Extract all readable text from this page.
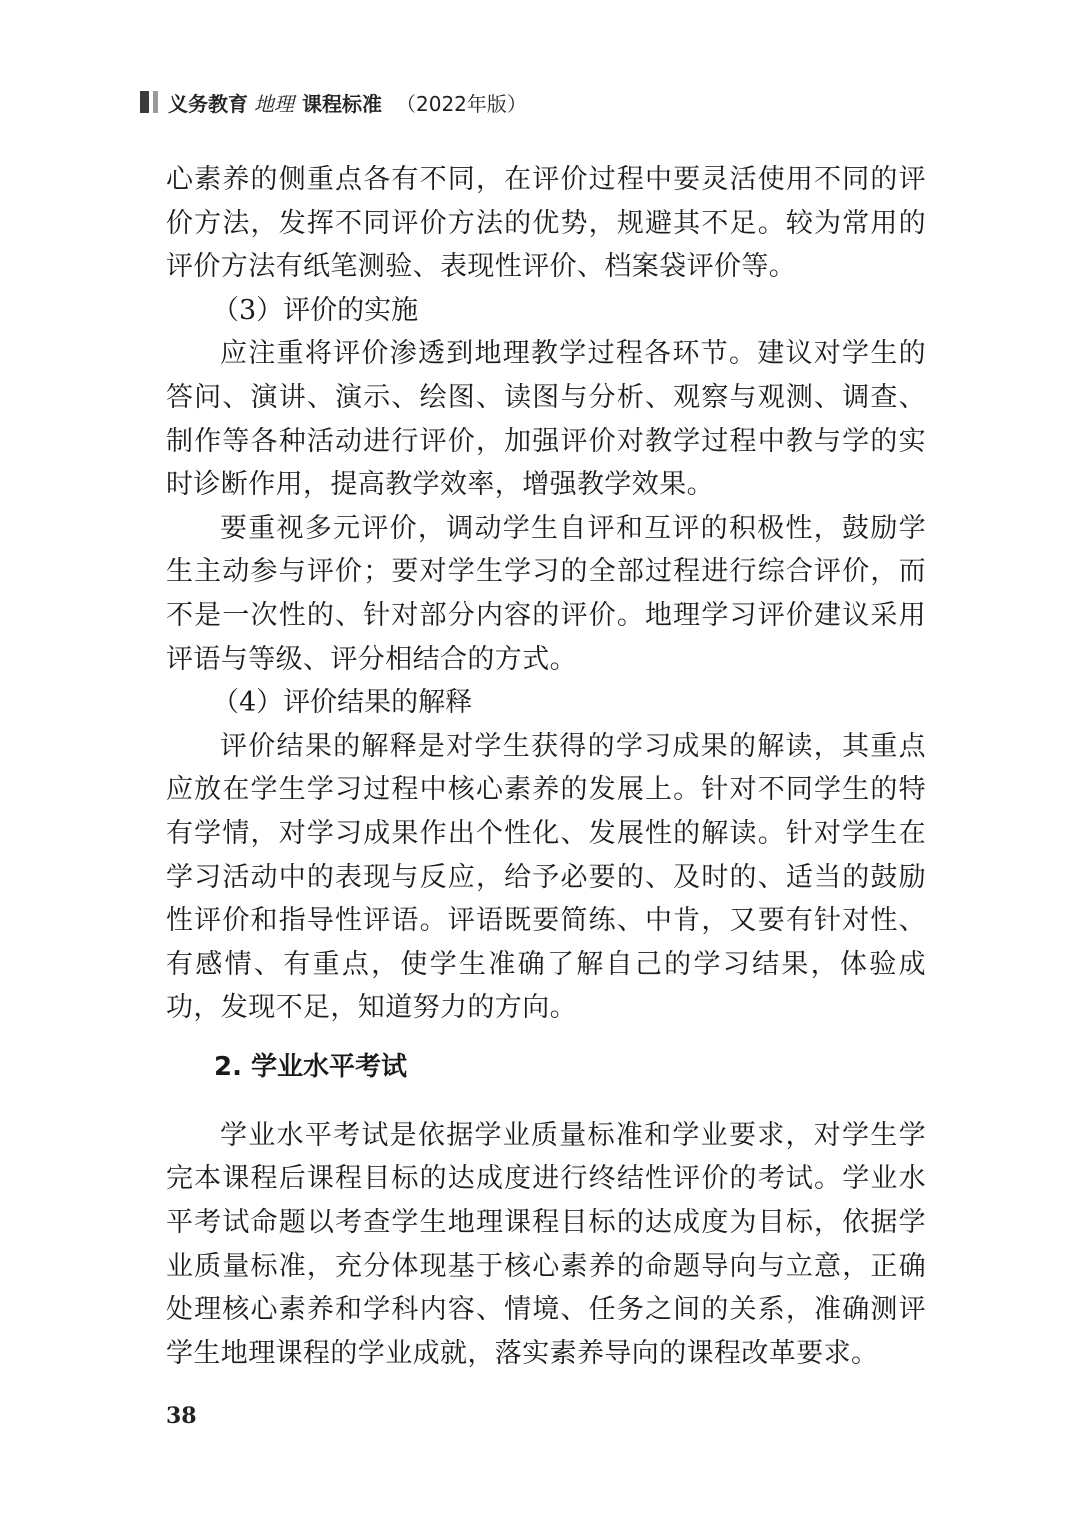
义务教育 地理 课程标准 （2022年版）

心素养的侧重点各有不同，在评价过程中要灵活使用不同的评价方法，发挥不同评价方法的优势，规避其不足。较为常用的评价方法有纸笔测验、表现性评价、档案袋评价等。

（3）评价的实施

应注重将评价渗透到地理教学过程各环节。建议对学生的答问、演讲、演示、绘图、读图与分析、观察与观测、调查、制作等各种活动进行评价，加强评价对教学过程中教与学的实时诊断作用，提高教学效率，增强教学效果。

要重视多元评价，调动学生自评和互评的积极性，鼓励学生主动参与评价；要对学生学习的全部过程进行综合评价，而不是一次性的、针对部分内容的评价。地理学习评价建议采用评语与等级、评分相结合的方式。

（4）评价结果的解释

评价结果的解释是对学生获得的学习成果的解读，其重点应放在学生学习过程中核心素养的发展上。针对不同学生的特有学情，对学习成果作出个性化、发展性的解读。针对学生在学习活动中的表现与反应，给予必要的、及时的、适当的鼓励性评价和指导性评语。评语既要简练、中肯，又要有针对性、有感情、有重点，使学生准确了解自己的学习结果，体验成功，发现不足，知道努力的方向。

2. 学业水平考试

学业水平考试是依据学业质量标准和学业要求，对学生学完本课程后课程目标的达成度进行终结性评价的考试。学业水平考试命题以考查学生地理课程目标的达成度为目标，依据学业质量标准，充分体现基于核心素养的命题导向与立意，正确处理核心素养和学科内容、情境、任务之间的关系，准确测评学生地理课程的学业成就，落实素养导向的课程改革要求。

38
